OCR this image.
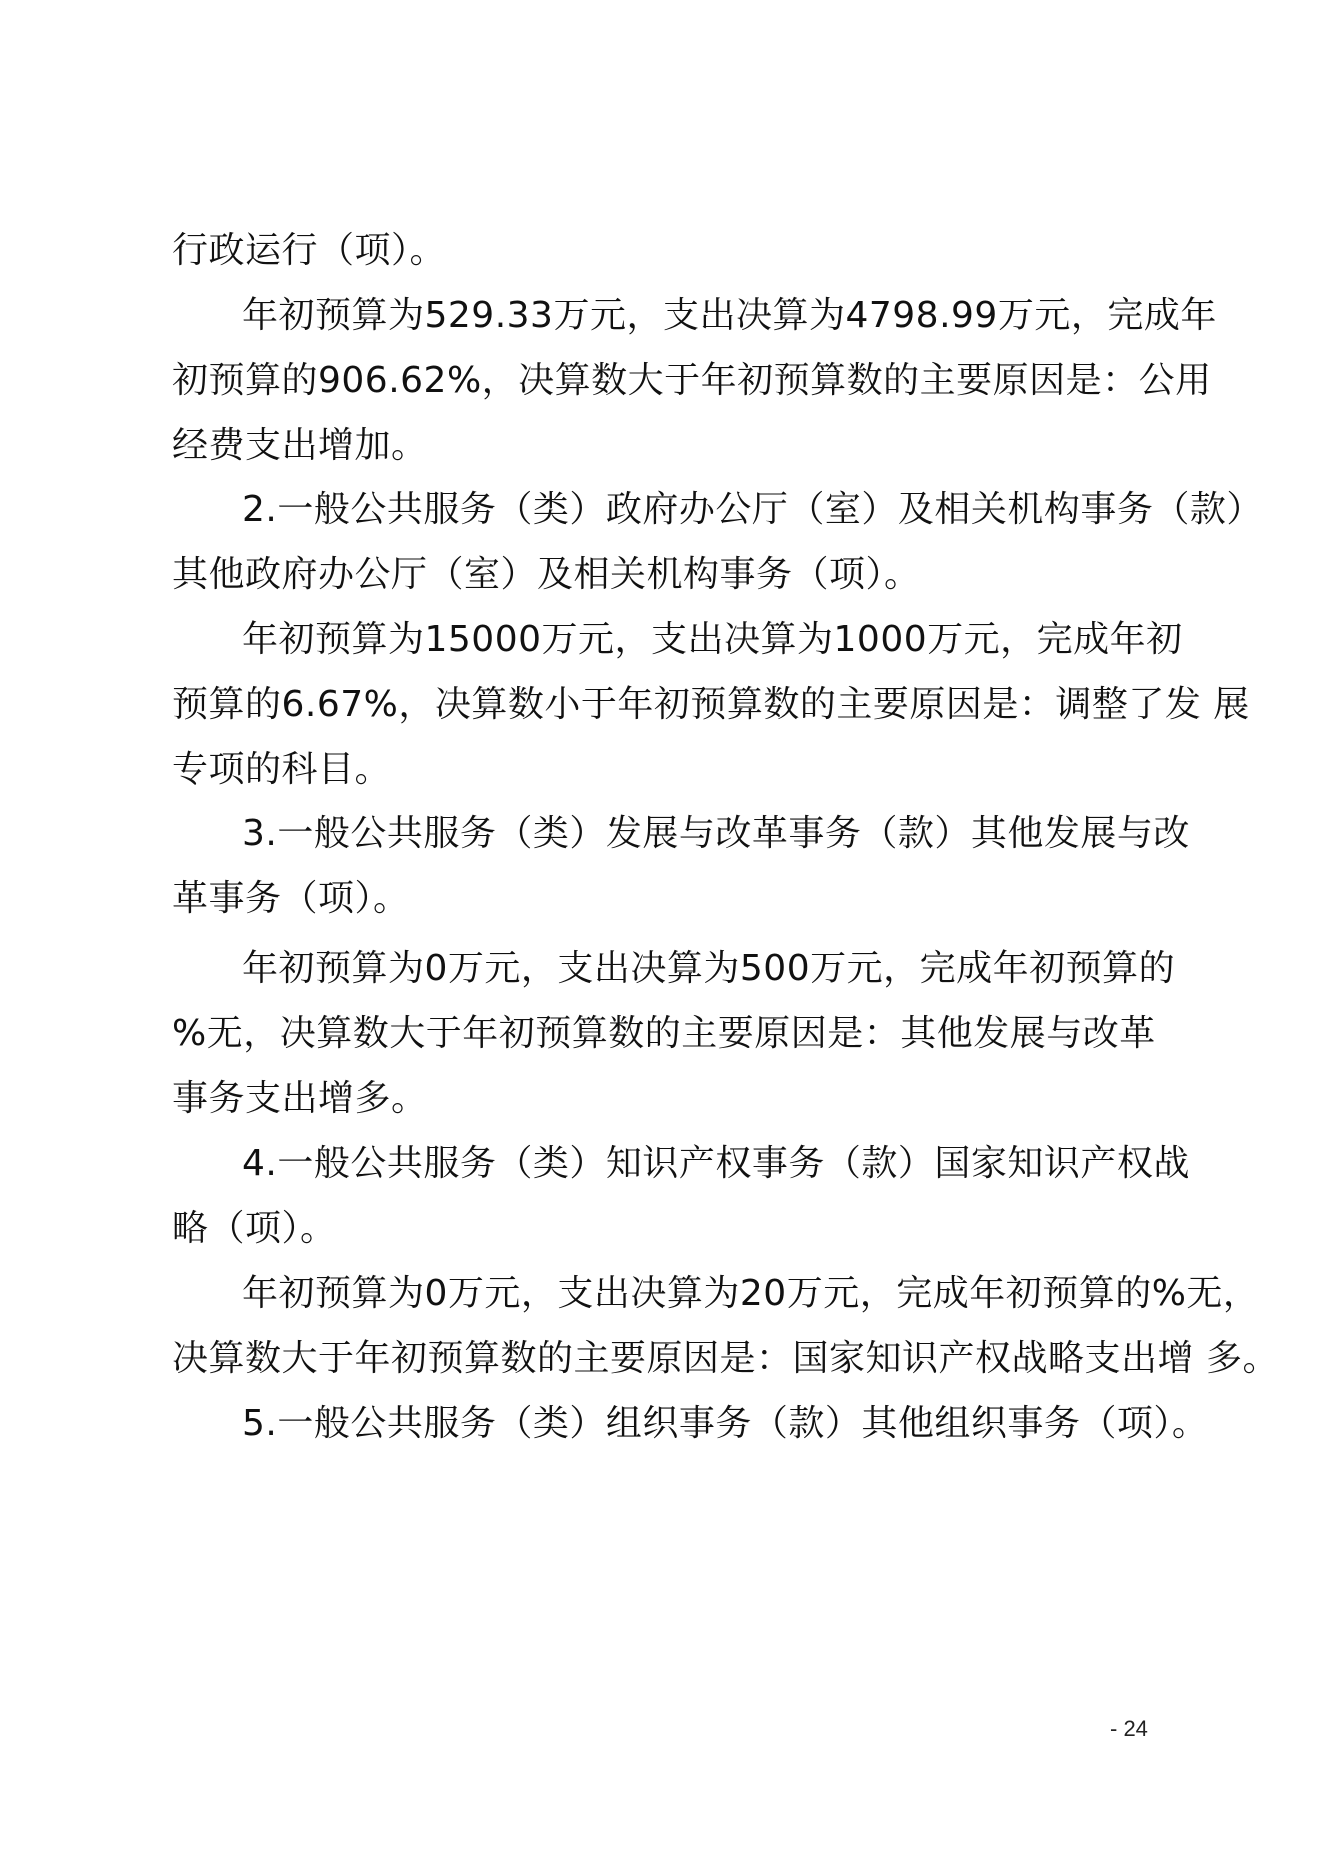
行政运行（项）。
年初预算为529.33万元，支出决算为4798.99万元，完成年
初预算的906.62%，决算数大于年初预算数的主要原因是：公用
经费支出增加。
2.一般公共服务（类）政府办公厅（室）及相关机构事务（款）
其他政府办公厅（室）及相关机构事务（项）。
年初预算为15000万元，支出决算为1000万元，完成年初
预算的6.67%，决算数小于年初预算数的主要原因是：调整了发 展
专项的科目。
3.一般公共服务（类）发展与改革事务（款）其他发展与改
革事务（项）。
年初预算为0万元，支出决算为500万元，完成年初预算的
%无，决算数大于年初预算数的主要原因是：其他发展与改革
事务支出增多。
4.一般公共服务（类）知识产权事务（款）国家知识产权战
略（项）。
年初预算为0万元，支出决算为20万元，完成年初预算的%无，
决算数大于年初预算数的主要原因是：国家知识产权战略支出增 多。
5.一般公共服务（类）组织事务（款）其他组织事务（项）。
- 24
